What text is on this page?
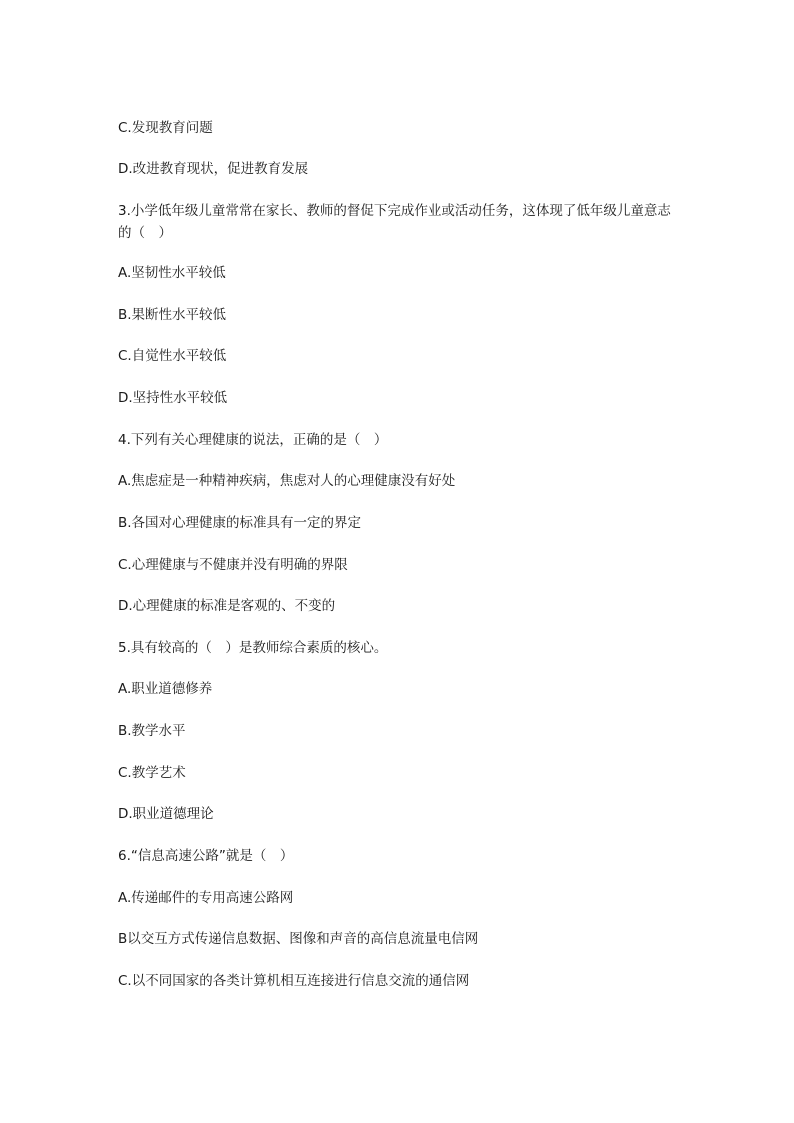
C.发现教育问题
D.改进教育现状，促进教育发展
3.小学低年级儿童常常在家长、教师的督促下完成作业或活动任务，这体现了低年级儿童意志的（　）
A.坚韧性水平较低
B.果断性水平较低
C.自觉性水平较低
D.坚持性水平较低
4.下列有关心理健康的说法，正确的是（　）
A.焦虑症是一种精神疾病，焦虑对人的心理健康没有好处
B.各国对心理健康的标准具有一定的界定
C.心理健康与不健康并没有明确的界限
D.心理健康的标准是客观的、不变的
5.具有较高的（　）是教师综合素质的核心。
A.职业道德修养
B.教学水平
C.教学艺术
D.职业道德理论
6.“信息高速公路”就是（　）
A.传递邮件的专用高速公路网
B以交互方式传递信息数据、图像和声音的高信息流量电信网
C.以不同国家的各类计算机相互连接进行信息交流的通信网
